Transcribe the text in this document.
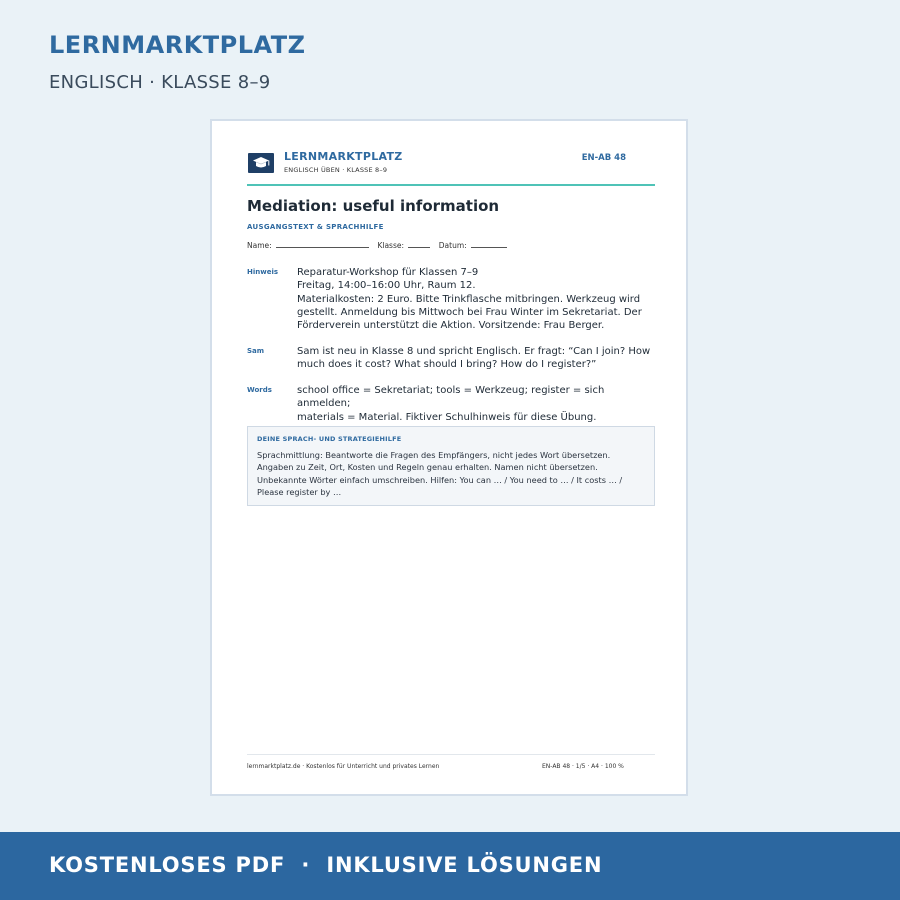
LERNMARKTPLATZ
ENGLISCH · KLASSE 8–9
LERNMARKTPLATZ
ENGLISCH ÜBEN · KLASSE 8–9
EN-AB 48
Mediation: useful information
AUSGANGSTEXT & SPRACHHILFE
Name:	Klasse:	Datum:
Hinweis Reparatur-Workshop für Klassen 7–9
Freitag, 14:00–16:00 Uhr, Raum 12.
Materialkosten: 2 Euro. Bitte Trinkflasche mitbringen. Werkzeug wird
gestellt. Anmeldung bis Mittwoch bei Frau Winter im Sekretariat. Der
Förderverein unterstützt die Aktion. Vorsitzende: Frau Berger.
Sam	Sam ist neu in Klasse 8 und spricht Englisch. Er fragt: “Can I join? How
much does it cost? What should I bring? How do I register?”
Words	school office = Sekretariat; tools = Werkzeug; register = sich anmelden;
materials = Material. Fiktiver Schulhinweis für diese Übung.
DEINE SPRACH- UND STRATEGIEHILFE
Sprachmittlung: Beantworte die Fragen des Empfängers, nicht jedes Wort übersetzen.
Angaben zu Zeit, Ort, Kosten und Regeln genau erhalten. Namen nicht übersetzen.
Unbekannte Wörter einfach umschreiben. Hilfen: You can … / You need to … / It costs … /
Please register by …
lernmarktplatz.de · Kostenlos für Unterricht und privates Lernen	EN-AB 48 · 1/5 · A4 · 100 %
KOSTENLOSES PDF  ·  INKLUSIVE LÖSUNGEN
